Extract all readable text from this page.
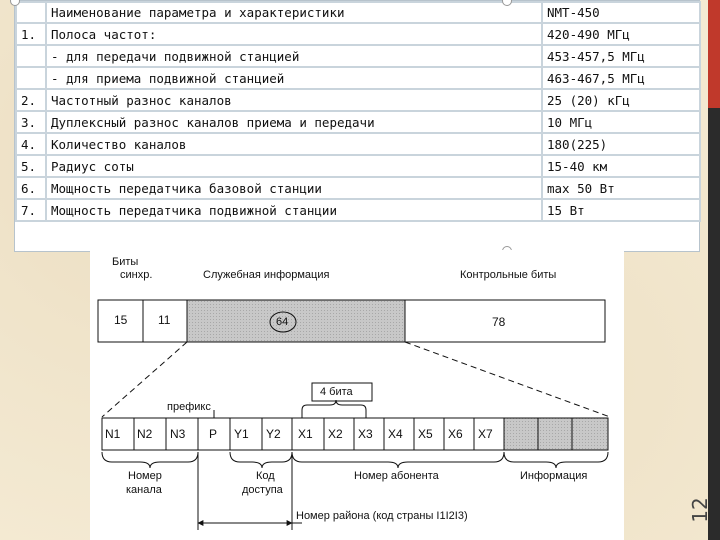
12
	Наименование параметра и характеристики	NMT-450
1.	Полоса частот:	420-490 МГц
	- для передачи подвижной станцией	453-457,5 МГц
	- для приема подвижной станцией	463-467,5 МГц
2.	Частотный разнос каналов	25 (20) кГц
3.	Дуплексный разнос каналов приема и передачи	10 МГц
4.	Количество каналов	180(225)
5.	Радиус соты	15-40 км
6.	Мощность передатчика базовой станции	max 50 Вт
7.	Мощность передатчика подвижной станции	15 Вт
Биты
синхр.	Служебная информация	Контрольные биты
15	11	64	78
префикс
4 бита
N1 N2 N3 P Y1 Y2 X1 X2 X3 X4 X5 X6 X7
Номер
канала
Код
доступа
Номер абонента	Информация
Номер района (код страны I1I2I3)
